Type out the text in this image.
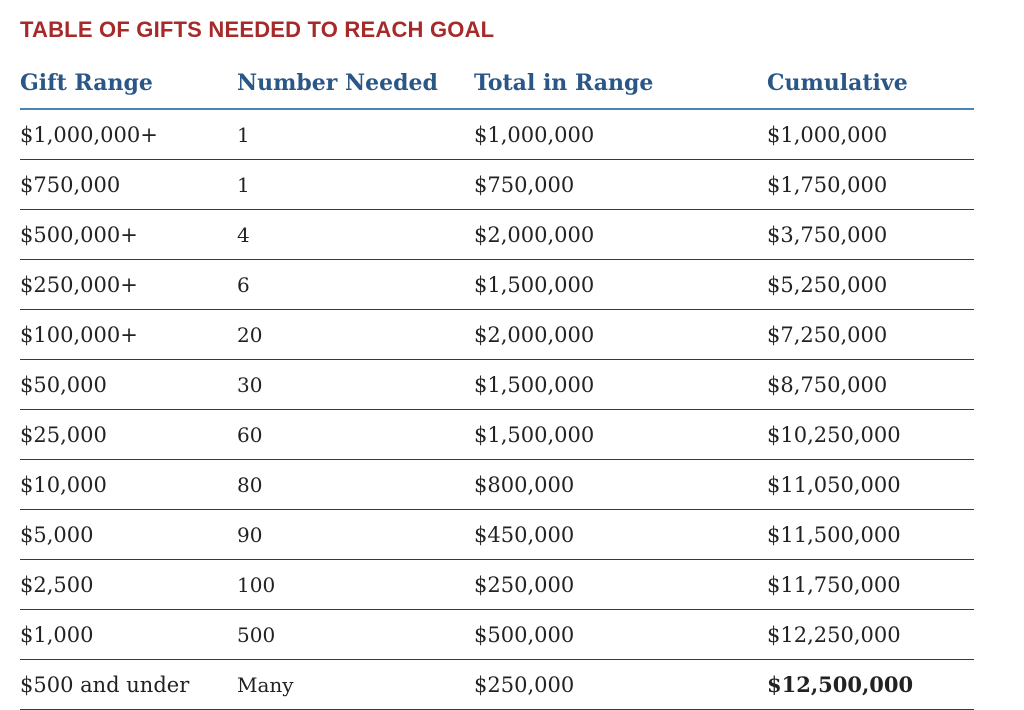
TABLE OF GIFTS NEEDED TO REACH GOAL
Gift Range	Number Needed	Total in Range	Cumulative
$1,000,000+	1	$1,000,000	$1,000,000
$750,000	1	$750,000	$1,750,000
$500,000+	4	$2,000,000	$3,750,000
$250,000+	6	$1,500,000	$5,250,000
$100,000+	20	$2,000,000	$7,250,000
$50,000	30	$1,500,000	$8,750,000
$25,000	60	$1,500,000	$10,250,000
$10,000	80	$800,000	$11,050,000
$5,000	90	$450,000	$11,500,000
$2,500	100	$250,000	$11,750,000
$1,000	500	$500,000	$12,250,000
$500 and under	Many	$250,000	$12,500,000
